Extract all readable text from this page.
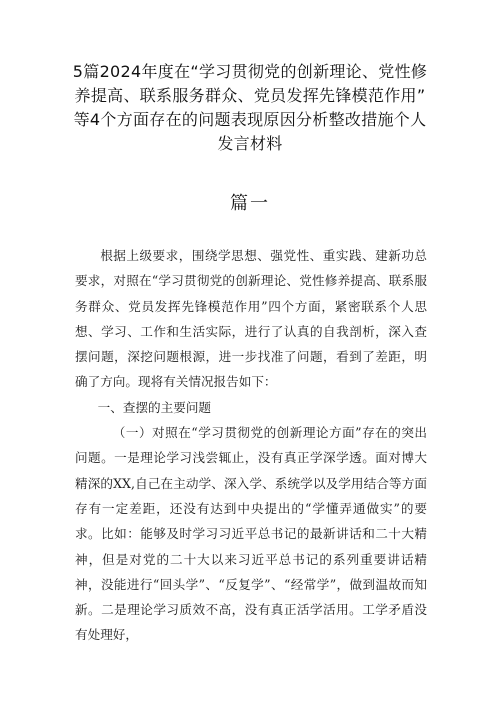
5篇2024年度在“学习贯彻党的创新理论、党性修
养提高、联系服务群众、党员发挥先锋模范作用”
等4个方面存在的问题表现原因分析整改措施个人
发言材料
篇一

根据上级要求，围绕学思想、强党性、重实践、建新功总要求，对照在“学习贯彻党的创新理论、党性修养提高、联系服务群众、党员发挥先锋模范作用”四个方面，紧密联系个人思想、学习、工作和生活实际，进行了认真的自我剖析，深入查摆问题，深挖问题根源，进一步找准了问题，看到了差距，明确了方向。现将有关情况报告如下：

一、查摆的主要问题

（一）对照在“学习贯彻党的创新理论方面”存在的突出问题。一是理论学习浅尝辄止，没有真正学深学透。面对博大精深的XX,自己在主动学、深入学、系统学以及学用结合等方面存有一定差距，还没有达到中央提出的“学懂弄通做实”的要求。比如：能够及时学习习近平总书记的最新讲话和二十大精神，但是对党的二十大以来习近平总书记的系列重要讲话精神，没能进行“回头学”、“反复学”、“经常学”，做到温故而知新。二是理论学习质效不高，没有真正活学活用。工学矛盾没有处理好，
